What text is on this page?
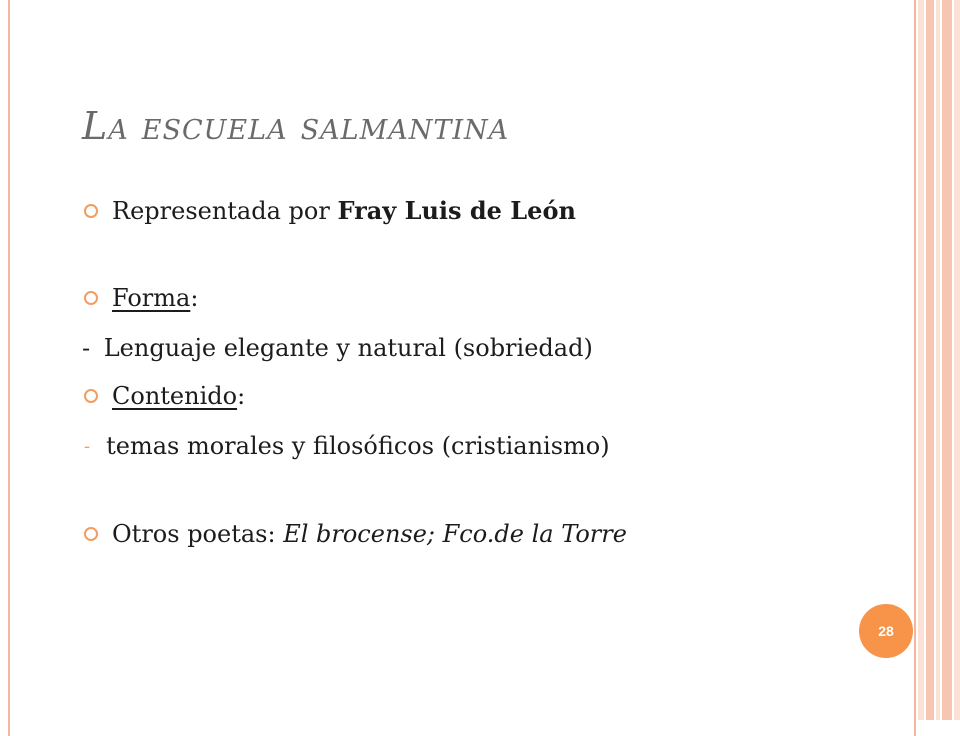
La escuela salmantina
Representada por Fray Luis de León
Forma :
- Lenguaje elegante y natural (sobriedad)
Contenido :
- temas morales y filosóficos (cristianismo)
Otros poetas: El brocense; Fco.de la Torre
28
